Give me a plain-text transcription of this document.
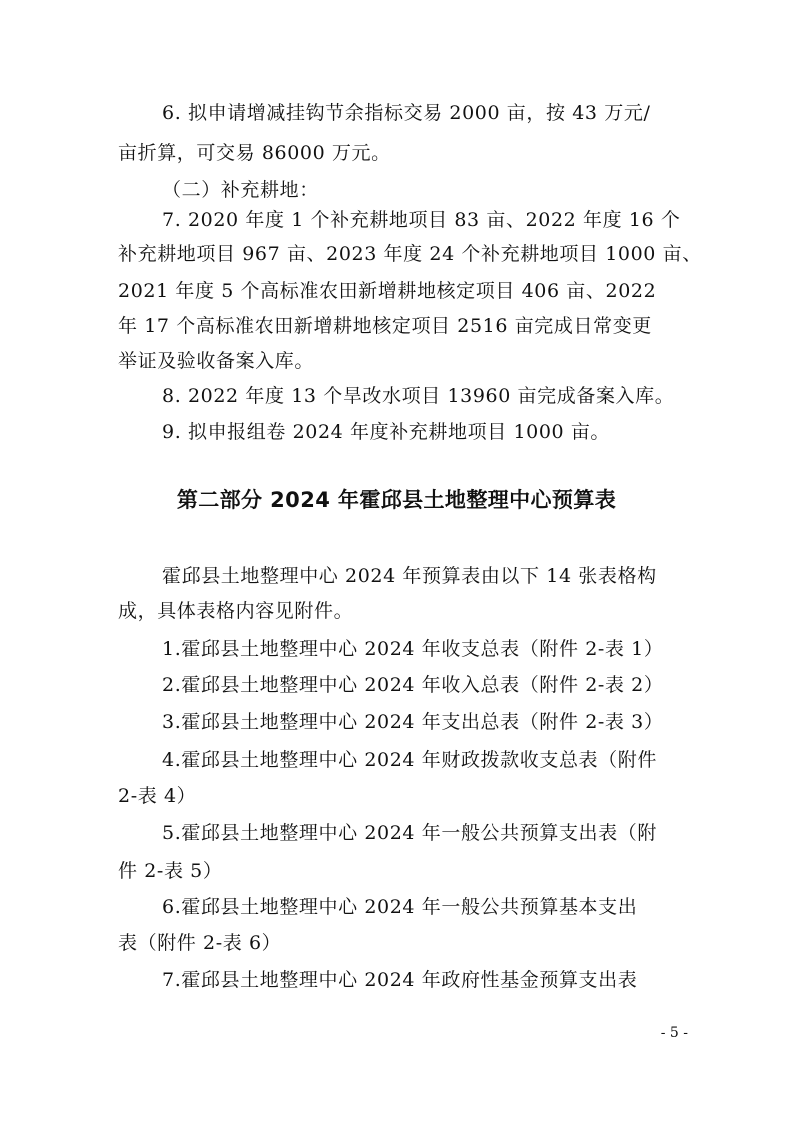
6. 拟申请增减挂钩节余指标交易 2000 亩，按 43 万元/
亩折算，可交易 86000 万元。
（二）补充耕地：
7. 2020 年度 1 个补充耕地项目 83 亩、2022 年度 16 个
补充耕地项目 967 亩、2023 年度 24 个补充耕地项目 1000 亩、
2021 年度 5 个高标准农田新增耕地核定项目 406 亩、2022
年 17 个高标准农田新增耕地核定项目 2516 亩完成日常变更
举证及验收备案入库。
8. 2022 年度 13 个旱改水项目 13960 亩完成备案入库。
9. 拟申报组卷 2024 年度补充耕地项目 1000 亩。
第二部分 2024 年霍邱县土地整理中心预算表
霍邱县土地整理中心 2024 年预算表由以下 14 张表格构
成，具体表格内容见附件。
1.霍邱县土地整理中心 2024 年收支总表（附件 2-表 1）
2.霍邱县土地整理中心 2024 年收入总表（附件 2-表 2）
3.霍邱县土地整理中心 2024 年支出总表（附件 2-表 3）
4.霍邱县土地整理中心 2024 年财政拨款收支总表（附件
2-表 4）
5.霍邱县土地整理中心 2024 年一般公共预算支出表（附
件 2-表 5）
6.霍邱县土地整理中心 2024 年一般公共预算基本支出
表（附件 2-表 6）
7.霍邱县土地整理中心 2024 年政府性基金预算支出表
- 5 -
